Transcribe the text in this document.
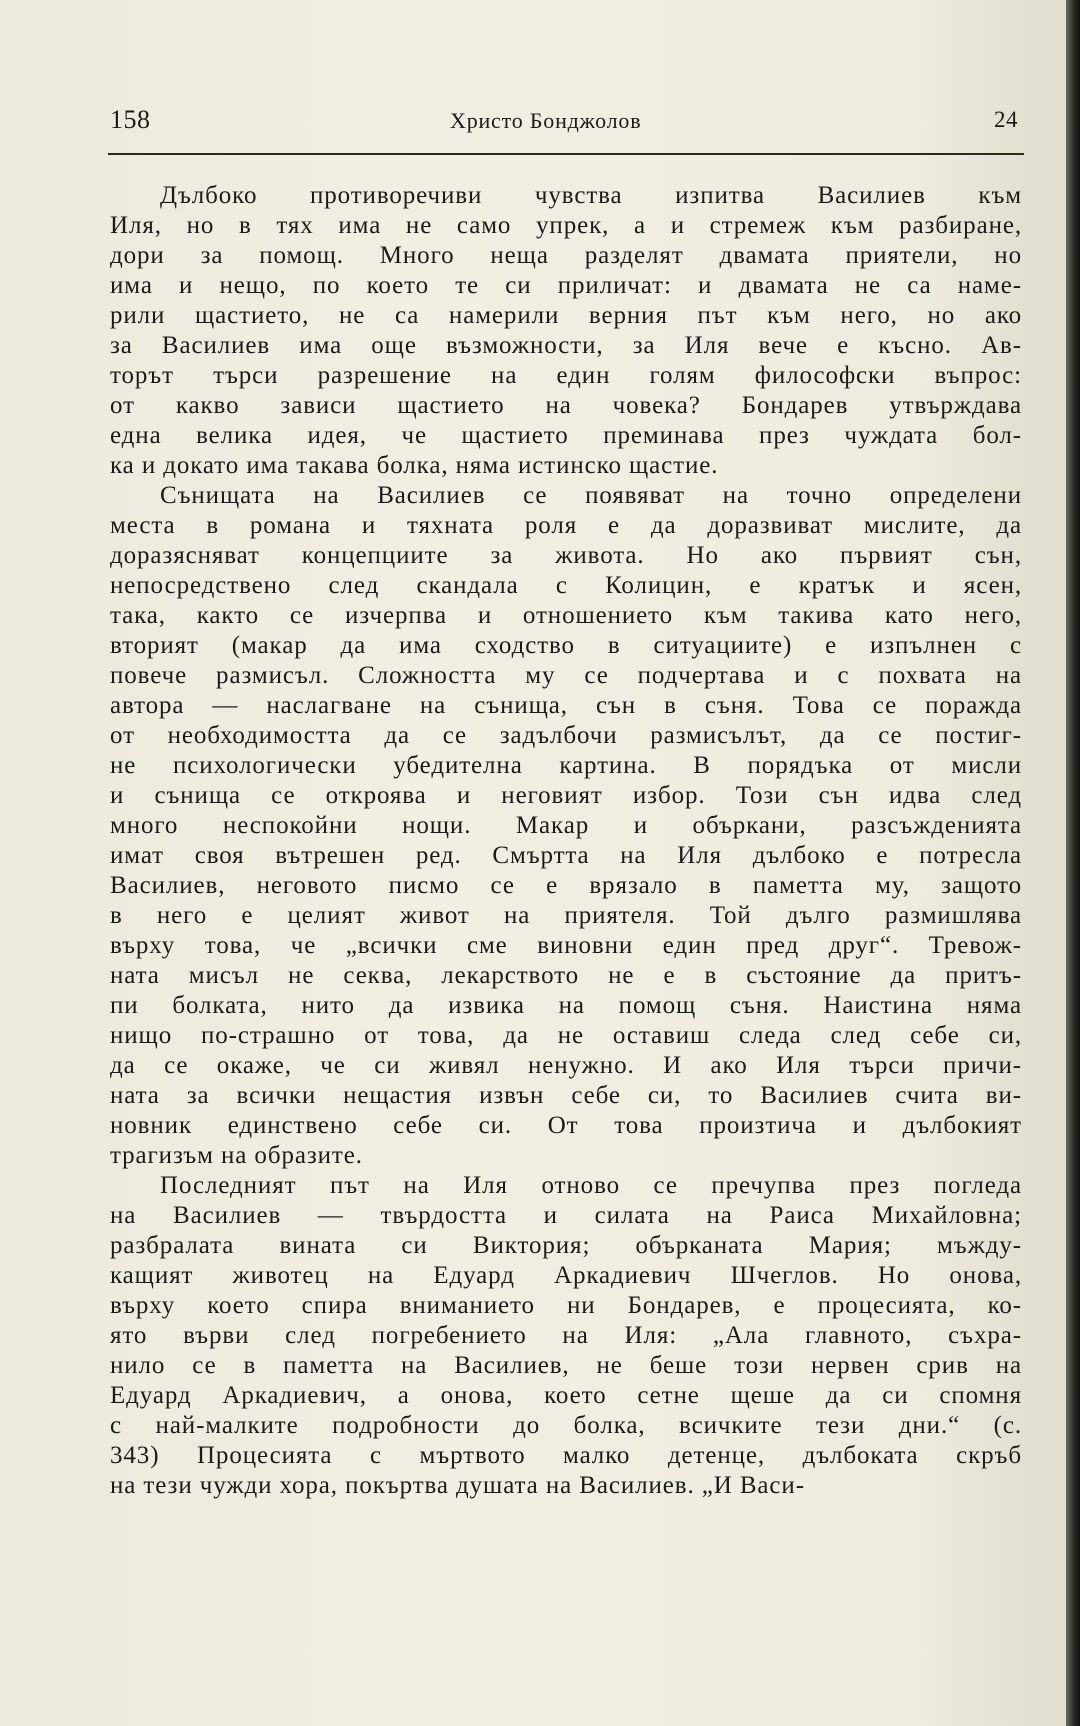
158	Христо Бонджолов	24
Дълбоко противоречиви чувства изпитва Василиев към
Иля, но в тях има не само упрек, а и стремеж към разбиране,
дори за помощ. Много неща разделят двамата приятели, но
има и нещо, по което те си приличат: и двамата не са наме-
рили щастието, не са намерили верния път към него, но ако
за Василиев има още възможности, за Иля вече е късно. Ав-
торът търси разрешение на един голям философски въпрос:
от какво зависи щастието на човека? Бондарев утвърждава
една велика идея, че щастието преминава през чуждата бол-
ка и докато има такава болка, няма истинско щастие.
Сънищата на Василиев се появяват на точно определени
места в романа и тяхната роля е да доразвиват мислите, да
доразясняват концепциите за живота. Но ако първият сън,
непосредствено след скандала с Колицин, е кратък и ясен,
така, както се изчерпва и отношението към такива като него,
вторият (макар да има сходство в ситуациите) е изпълнен с
повече размисъл. Сложността му се подчертава и с похвата на
автора — наслагване на сънища, сън в съня. Това се поражда
от необходимостта да се задълбочи размисълът, да се постиг-
не психологически убедителна картина. В порядъка от мисли
и сънища се откроява и неговият избор. Този сън идва след
много неспокойни нощи. Макар и объркани, разсъжденията
имат своя вътрешен ред. Смъртта на Иля дълбоко е потресла
Василиев, неговото писмо се е врязало в паметта му, защото
в него е целият живот на приятеля. Той дълго размишлява
върху това, че „всички сме виновни един пред друг“. Тревож-
ната мисъл не секва, лекарството не е в състояние да притъ-
пи болката, нито да извика на помощ съня. Наистина няма
нищо по-страшно от това, да не оставиш следа след себе си,
да се окаже, че си живял ненужно. И ако Иля търси причи-
ната за всички нещастия извън себе си, то Василиев счита ви-
новник единствено себе си. От това произтича и дълбокият
трагизъм на образите.
Последният път на Иля отново се пречупва през погледа
на Василиев — твърдостта и силата на Раиса Михайловна;
разбралата вината си Виктория; обърканата Мария; мъжду-
кащият животец на Едуард Аркадиевич Шчеглов. Но онова,
върху което спира вниманието ни Бондарев, е процесията, ко-
ято върви след погребението на Иля: „Ала главното, съхра-
нило се в паметта на Василиев, не беше този нервен срив на
Едуард Аркадиевич, а онова, което сетне щеше да си спомня
с най-малките подробности до болка, всичките тези дни.“ (с.
343) Процесията с мъртвото малко детенце, дълбоката скръб
на тези чужди хора, покъртва душата на Василиев. „И Васи-
